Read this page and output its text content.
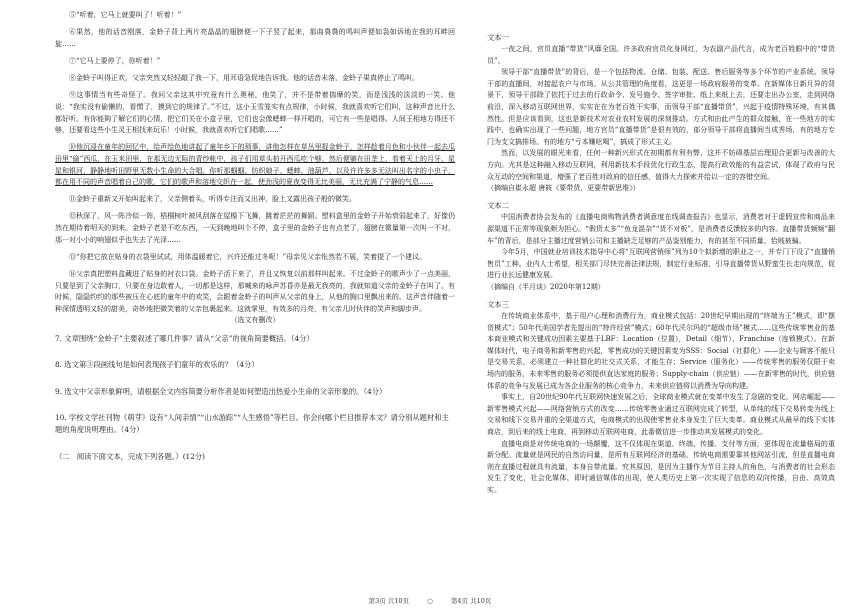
⑤“听着，它马上就要叫了！听着！”

⑥果然，他的话音刚落，金蛉子背上两片亮晶晶的翅膀便一下子竖了起来，那曲裊裊的鸣叫声便如袅如诉地在我的耳畔回旋……

⑦“它马上要停了，你听着！”

⑧金蛉子叫得正欢，父亲突然又轻轻敲了我一下，用耳语急促地告诉我。他的话音未落，金蛉子果真停止了鸣叫。

⑨这事情当有些奇怪了。我问父亲这其中究竟有什么奥秘，他笑了，并不是带着揣摩的笑，而是浅浅的淡淡的一笑。他说：“我实没有偷懒的，看惯了，摸到它的规律了。”不过，这小玉雪笼实有点规律，小时候，我就喜欢听它们叫，这种声音比什么都好听。有你能夠了解它们的心情，把它们关在小盒子里，它们也会像蟋蟀一样开唱的，可它有一些是唱得。人间王相地方得还不够，还要看这些小生灵王相找来玩乐！小时候，我就喜欢听它们唱歌……”

⑩他沉浸在童年的回忆中，给声绘色地讲起了童年乡下的琐事，讲他怎样在草丛里捉金蛉子，怎样趁着月色和小伙伴一起去瓜田里“偷”西瓜，在玉米田里，在那无边无际的青纱帐中，孩子们用草头拍开西瓜吃个够，然后便躺在田垄上，看着天上的月牙，星星和银河，静静地听田野里无数小生命的大合唱。你听那蝈蝈、纺织娘子、蟋蟀、油葫芦，以及许许多多无法叫出名字的小虫子，都在用不同的声音唱着自己的歌，它们的歌声和溶地交织在一起，使劲浅的夏夜变得无比美丽，无比充满了宁静的气息……

⑪金蛉子重新又开始叫起来了，父亲侧着头，听得专注而又出神，脸上又露出孩子般的微笑。

⑫秋深了，风一阵冷似一阵，梧桐树叶被风刮落在屋檐下飞舞，跳着茫茫的舞蹈。塑料盒里的金蛉子开始衰弱起来了，好像仍然在期待着明天的到来。金蛉子老是不吃东西，一天到晚地叫个不停，盒子里的金蛉子也有点老了，翅膀在微量第一次叫一不对，那一对小小的响翅似乎也失去了光泽……

⑬“你把它放在贴身的衣袋里试试，用体温暖着它，兴许还能过冬呢！”母亲见父亲怅然若不展，笑着提了一个建议。

⑭父亲真把塑料盒藏进了贴身的衬衣口袋。金蛉子活下来了，并且又恢复以前那样叫起来。不过金蛉子的歌声少了一点美丽，只要是到了父亲胸口，只要在身边敢着人，一切都是这样，那喊来的咏声苏昏亦是最无我亮的，我就知道父亲的金蛉子在叫了。有时候，隐隐约约的那些被压在心底的童年中的欢笑，会跟着金蛉子的叫声从父亲的身上，从他的胸口里飘出来的。这声音伴随着一种深情透明又轻的甜美，奇妙地把微笑着的父亲包裹起来。这就掌里，有效多的月亮，有父亲儿时伙伴的笑声和脚步声。

（选文有删改）

7. 文章围绕“金蛉子”主要叙述了哪几件事？请从“父亲”的视角简要概括。（4分）

8. 选文第③段画线句是如何表现孩子们童年的欢乐的？（4分）

9. 选文中父亲形象鲜明，请根据全文内容简要分析作者是如何塑造出热爱小生命的父亲形象的。（4分）

10. 学校文学社刊物《萌芽》设有“人间亲情”“山水游踪”“人生感悟”等栏目。你会向哪个栏目推荐本文？请分别从题材和主题的角度说明理由。（4分）

（二　阅读下面文本，完成下列各题。）(12分)

文本一

一夜之间，官员直播“带货”风靡全国。许多政府官员化身网红，为农副产品代言，成为老百姓眼中的“带货员”。

领导干部“直播带货”的背后，是一个包括物流、仓储、包装、配送、售后服务等多个环节的产业系统。领导干部的直播间，对接起农户与市场。从公共管理的角度看，这更是一场政府服务的变革。在新媒体日新月异的背景下，领导干部除了依托于过去的行政命令、发号施令、签字审批、纸上来纸上去，还要走出办公室，走到网络前沿，深入移动互联网世界，实实在在为老百姓干实事，而领导干部“直播带货”，兴起于疫情特殊环境，有其偶然性。但是应该看到，这也是新技术对农业农村发展的深刻推动。方式和由此产生的群众接触，在一些地方的实践中，也确实出现了一些问题，地方官员“直播带货”是很有效的，部分领导干部将直播间当成秀场，有的地方专门为支文搞排场。有的地方“亏本赚吆喝”，搞成了形式主义。

然而，以发展的眼光来看，任何一种新兴形式在初期都有利有弊，这并不妨碍基层治理迎合更新与改善的大方向。尤其是这种融入移动互联网，利用新技术手段优化行政生态，提高行政效能的有益尝试，体现了政府与民众互动的空间和渠道，增强了老百姓对政府的信任感，值得大力探索并给以一定的容错空间。

（摘编自崔永超 唐筱《要带货，更要带新思维》）

文本二

中国消费者协会发布的《直播电商购物消费者满意度在线调查报告》也显示，消费者对于虚假宣传和商品来源渠道不正常等现象颇为担心。“假货太多”“鱼龙混杂”“货不对板”，是消费者反馈较多的内容。直播带货频频“翻车”的背后，是部分主播过度营销公司和主播缺乏足够的产品鉴别能力，有的甚至不同质量、恰贱被骗。

今年5月，中国就业培训技术指导中心将“互联网营销师”列为10个拟新增的职业之一，并专门下设了“直播销售员”工种。业内人士希望，相关部门尽快完善法律法规，制定行业标准，引导直播带货从野蛮生长走向规范，促进行业长远健康发展。

（摘编自《半月谈》2020年第12期）

文本三

在传统商业体系中，基于用户心理和消费行为，商业模式包括：20世纪早期出现的“终端为王”模式，即“摆货模式”；50年代美国学者先提出的“特许经营”模式；60年代沃尔玛的“超级市场”模式……这些传统零售业的基本商业模式和关键成功因素主要基于LBF：Location（位置），Detail（细节），Franchise（连锁模式）。在新媒体时代，电子商务和新零售的兴起，零售成功的关键因素变为SSS：Social（社群化）——企业与顾客不能只是交易关系，必须建立一种社群化的社交式关系，才能生存；Service（服务化）——传统零售的服务仅限于卖场内的服务，未来零售的服务必须提供直达家庭的服务；Supply-chain（供应链）——在新零售的时代，供应链体系的竞争与发展已成为各企业服务的核心竞争力，未来供应链将以消费为导向构建。

事实上，自20世纪90年代互联网快速发展之后，全球商业模式就在变革中发生了急剧的变化，网店崛起——新零售模式兴起——网络营销方式的改变……传统零售业通过互联网完成了转型，从单纯的线下交易转变为线上交易和线下交易并重的全渠道方式，电商模式的出现使零售业本身发生了巨大变革。商业模式从最早的线下实体商店，到后来的线上电商，再到移动互联网电商，此番微信进一步推动其发展模式的变化。

直播电商是对传统电商的一场颠覆，这不仅体现在渠道、终端、传播、支付等方面，更体现在流量格局的重新分配。流量就是网民的自然访问量，是所有互联网经济的基础，传统电商需要靠其他网站引流，但是直播电商则在直播过程就具有流量，本身自带流量。究其原因，是因为主播作为节目主持人的角色，与消费者的社会形态发生了变化，社会化媒体，即时通信媒体的出现，使人类历史上第一次实现了信息的双向传播，自由、高效真实。

第3页 共10页	○	第4页 共10页
